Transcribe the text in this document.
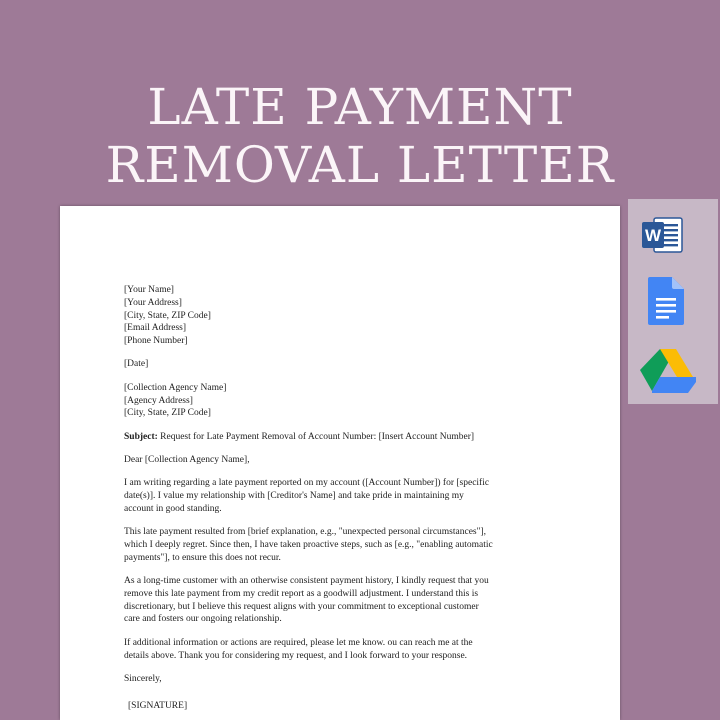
LATE PAYMENT
REMOVAL LETTER
[Your Name]
[Your Address]
[City, State, ZIP Code]
[Email Address]
[Phone Number]
[Date]
[Collection Agency Name]
[Agency Address]
[City, State, ZIP Code]
Subject: Request for Late Payment Removal of Account Number: [Insert Account Number]
Dear [Collection Agency Name],
I am writing regarding a late payment reported on my account ([Account Number]) for [specific
date(s)]. I value my relationship with [Creditor's Name] and take pride in maintaining my
account in good standing.
This late payment resulted from [brief explanation, e.g., "unexpected personal circumstances"],
which I deeply regret. Since then, I have taken proactive steps, such as [e.g., "enabling automatic
payments"], to ensure this does not recur.
As a long-time customer with an otherwise consistent payment history, I kindly request that you
remove this late payment from my credit report as a goodwill adjustment. I understand this is
discretionary, but I believe this request aligns with your commitment to exceptional customer
care and fosters our ongoing relationship.
If additional information or actions are required, please let me know. ou can reach me at the
details above. Thank you for considering my request, and I look forward to your response.
Sincerely,
[SIGNATURE]
W
